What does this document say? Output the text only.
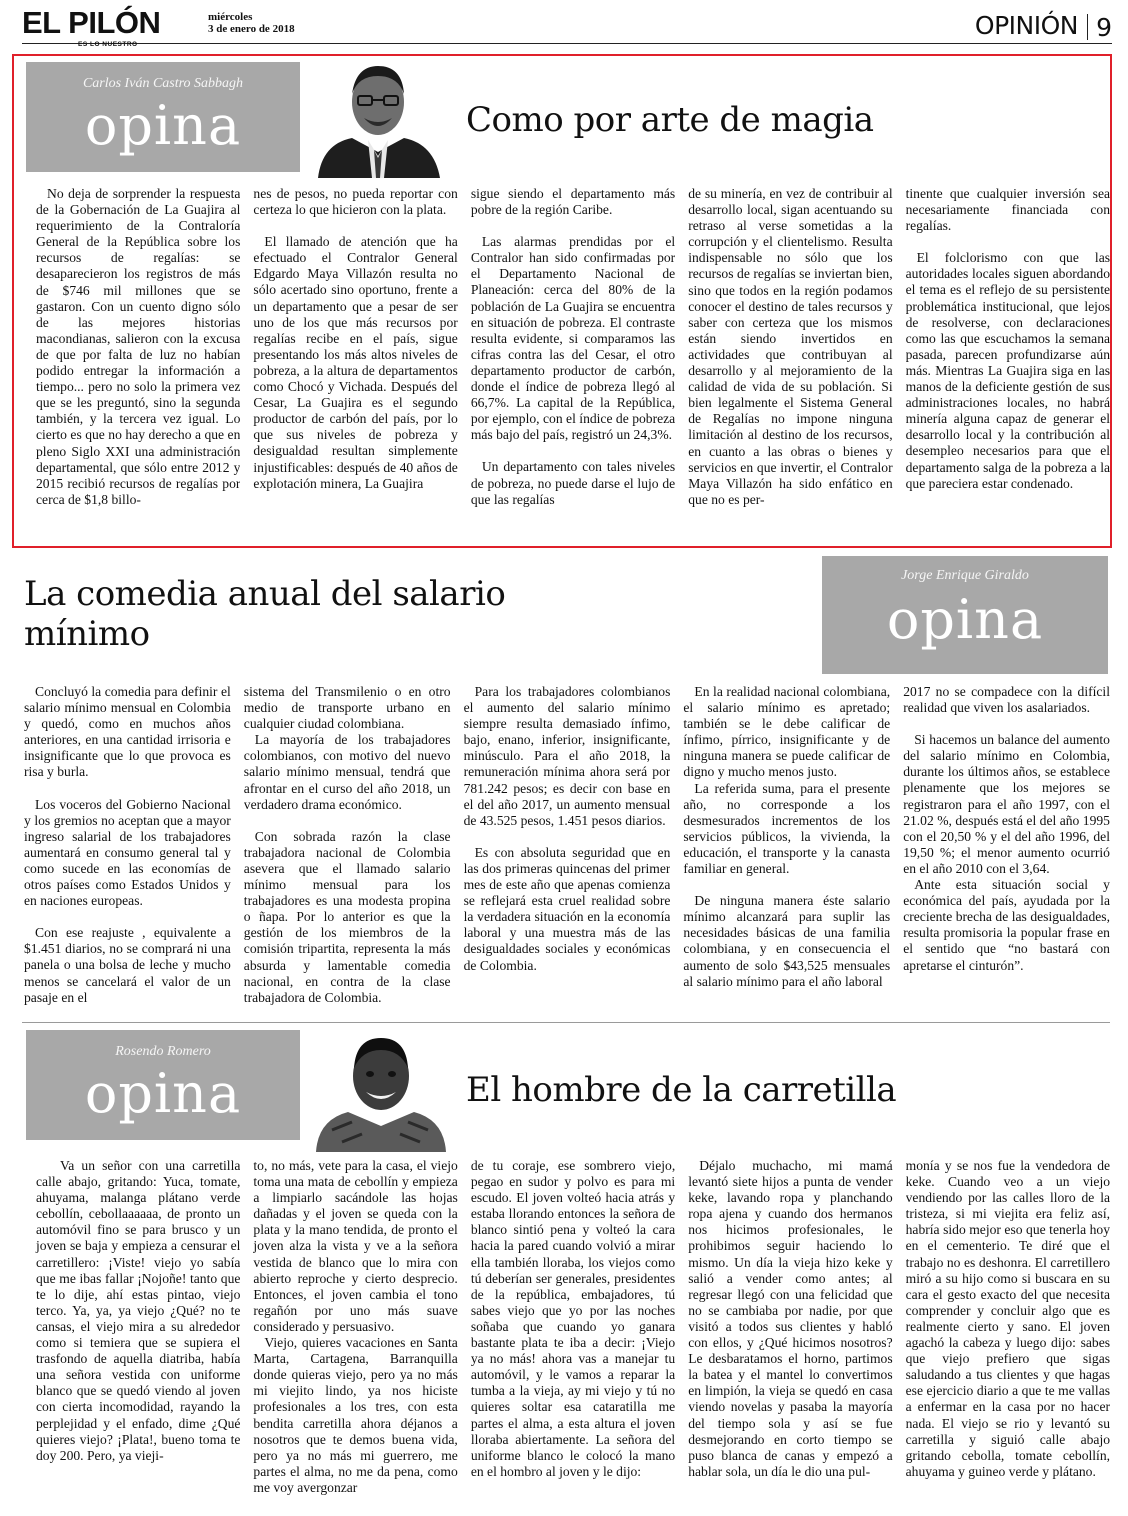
EL PILÓN
ES LO NUESTRO
miércoles
3 de enero de 2018	OPINIÓN 9
Carlos Iván Castro Sabbagh
opina	Como por arte de magia

No deja de sorprender la respuesta de la Gobernación de La Guajira al requerimiento de la Contraloría General de la República sobre los recursos de regalías: se desaparecieron los registros de más de $746 mil millones que se gastaron. Con un cuento digno sólo de las mejores historias macondianas, salieron con la excusa de que por falta de luz no habían podido entregar la información a tiempo... pero no solo la primera vez que se les preguntó, sino la segunda también, y la tercera vez igual. Lo cierto es que no hay derecho a que en pleno Siglo XXI una administración departamental, que sólo entre 2012 y 2015 recibió recursos de regalías por cerca de $1,8 billo-

nes de pesos, no pueda reportar con certeza lo que hicieron con la plata.

El llamado de atención que ha efectuado el Contralor General Edgardo Maya Villazón resulta no sólo acertado sino oportuno, frente a un departamento que a pesar de ser uno de los que más recursos por regalías recibe en el país, sigue presentando los más altos niveles de pobreza, a la altura de departamentos como Chocó y Vichada. Después del Cesar, La Guajira es el segundo productor de carbón del país, por lo que sus niveles de pobreza y desigualdad resultan simplemente injustificables: después de 40 años de explotación minera, La Guajira

sigue siendo el departamento más pobre de la región Caribe.

Las alarmas prendidas por el Contralor han sido confirmadas por el Departamento Nacional de Planeación: cerca del 80% de la población de La Guajira se encuentra en situación de pobreza. El contraste resulta evidente, si comparamos las cifras contra las del Cesar, el otro departamento productor de carbón, donde el índice de pobreza llegó al 66,7%. La capital de la República, por ejemplo, con el índice de pobreza más bajo del país, registró un 24,3%.

Un departamento con tales niveles de pobreza, no puede darse el lujo de que las regalías

de su minería, en vez de contribuir al desarrollo local, sigan acentuando su retraso al verse sometidas a la corrupción y el clientelismo. Resulta indispensable no sólo que los recursos de regalías se inviertan bien, sino que todos en la región podamos conocer el destino de tales recursos y saber con certeza que los mismos están siendo invertidos en actividades que contribuyan al desarrollo y al mejoramiento de la calidad de vida de su población. Si bien legalmente el Sistema General de Regalías no impone ninguna limitación al destino de los recursos, en cuanto a las obras o bienes y servicios en que invertir, el Contralor Maya Villazón ha sido enfático en que no es per-

tinente que cualquier inversión sea necesariamente financiada con regalías.

El folclorismo con que las autoridades locales siguen abordando el tema es el reflejo de su persistente problemática institucional, que lejos de resolverse, con declaraciones como las que escuchamos la semana pasada, parecen profundizarse aún más. Mientras La Guajira siga en las manos de la deficiente gestión de sus administraciones locales, no habrá minería alguna capaz de generar el desarrollo local y la contribución al desempleo necesarios para que el departamento salga de la pobreza a la que pareciera estar condenado.

La comedia anual del salario mínimo
Jorge Enrique Giraldo
opina

Concluyó la comedia para definir el salario mínimo mensual en Colombia y quedó, como en muchos años anteriores, en una cantidad irrisoria e insignificante que lo que provoca es risa y burla.

Los voceros del Gobierno Nacional y los gremios no aceptan que a mayor ingreso salarial de los trabajadores aumentará en consumo general tal y como sucede en las economías de otros países como Estados Unidos y en naciones europeas.

Con ese reajuste , equivalente a $1.451 diarios, no se comprará ni una panela o una bolsa de leche y mucho menos se cancelará el valor de un pasaje en el

sistema del Transmilenio o en otro medio de transporte urbano en cualquier ciudad colombiana.

La mayoría de los trabajadores colombianos, con motivo del nuevo salario mínimo mensual, tendrá que afrontar en el curso del año 2018, un verdadero drama económico.

Con sobrada razón la clase trabajadora nacional de Colombia asevera que el llamado salario mínimo mensual para los trabajadores es una modesta propina o ñapa. Por lo anterior es que la gestión de los miembros de la comisión tripartita, representa la más absurda y lamentable comedia nacional, en contra de la clase trabajadora de Colombia.

Para los trabajadores colombianos el aumento del salario mínimo siempre resulta demasiado ínfimo, bajo, enano, inferior, insignificante, minúsculo. Para el año 2018, la remuneración mínima ahora será por 781.242 pesos; es decir con base en el del año 2017, un aumento mensual de 43.525 pesos, 1.451 pesos diarios.

Es con absoluta seguridad que en las dos primeras quincenas del primer mes de este año que apenas comienza se reflejará esta cruel realidad sobre la verdadera situación en la economía laboral y una muestra más de las desigualdades sociales y económicas de Colombia.

En la realidad nacional colombiana, el salario mínimo es apretado; también se le debe calificar de ínfimo, pírrico, insignificante y de ninguna manera se puede calificar de digno y mucho menos justo.

La referida suma, para el presente año, no corresponde a los desmesurados incrementos de los servicios públicos, la vivienda, la educación, el transporte y la canasta familiar en general.

De ninguna manera éste salario mínimo alcanzará para suplir las necesidades básicas de una familia colombiana, y en consecuencia el aumento de solo $43,525 mensuales al salario mínimo para el año laboral

2017 no se compadece con la difícil realidad que viven los asalariados.

Si hacemos un balance del aumento del salario mínimo en Colombia, durante los últimos años, se establece plenamente que los mejores se registraron para el año 1997, con el 21.02 %, después está el del año 1995 con el 20,50 % y el del año 1996, del 19,50 %; el menor aumento ocurrió en el año 2010 con el 3,64.

Ante esta situación social y económica del país, ayudada por la creciente brecha de las desigualdades, resulta promisoria la popular frase en el sentido que “no bastará con apretarse el cinturón”.

Rosendo Romero
opina	El hombre de la carretilla

Va un señor con una carretilla calle abajo, gritando: Yuca, tomate, ahuyama, malanga plátano verde cebollín, cebollaaaaaa, de pronto un automóvil fino se para brusco y un joven se baja y empieza a censurar el carretillero: ¡Viste! viejo yo sabía que me ibas fallar ¡Nojoñe! tanto que te lo dije, ahí estas pintao, viejo terco. Ya, ya, ya viejo ¿Qué? no te cansas, el viejo mira a su alrededor como si temiera que se supiera el trasfondo de aquella diatriba, había una señora vestida con uniforme blanco que se quedó viendo al joven con cierta incomodidad, rayando la perplejidad y el enfado, dime ¿Qué quieres viejo? ¡Plata!, bueno toma te doy 200. Pero, ya vieji-

to, no más, vete para la casa, el viejo toma una mata de cebollín y empieza a limpiarlo sacándole las hojas dañadas y el joven se queda con la plata y la mano tendida, de pronto el joven alza la vista y ve a la señora vestida de blanco que lo mira con abierto reproche y cierto desprecio. Entonces, el joven cambia el tono regañón por uno más suave considerado y persuasivo.

Viejo, quieres vacaciones en Santa Marta, Cartagena, Barranquilla donde quieras viejo, pero ya no más mi viejito lindo, ya nos hiciste profesionales a los tres, con esta bendita carretilla ahora déjanos a nosotros que te demos buena vida, pero ya no más mi guerrero, me partes el alma, no me da pena, como me voy avergonzar

de tu coraje, ese sombrero viejo, pegao en sudor y polvo es para mi escudo. El joven volteó hacia atrás y estaba llorando entonces la señora de blanco sintió pena y volteó la cara hacia la pared cuando volvió a mirar ella también lloraba, los viejos como tú deberían ser generales, presidentes de la república, embajadores, tú sabes viejo que yo por las noches soñaba que cuando yo ganara bastante plata te iba a decir: ¡Viejo ya no más! ahora vas a manejar tu automóvil, y le vamos a reparar la tumba a la vieja, ay mi viejo y tú no quieres soltar esa cataratilla me partes el alma, a esta altura el joven lloraba abiertamente. La señora del uniforme blanco le colocó la mano en el hombro al joven y le dijo:

Déjalo muchacho, mi mamá levantó siete hijos a punta de vender keke, lavando ropa y planchando ropa ajena y cuando dos hermanos nos hicimos profesionales, le prohibimos seguir haciendo lo mismo. Un día la vieja hizo keke y salió a vender como antes; al regresar llegó con una felicidad que no se cambiaba por nadie, por que visitó a todos sus clientes y habló con ellos, y ¿Qué hicimos nosotros? Le desbaratamos el horno, partimos la batea y el mantel lo convertimos en limpión, la vieja se quedó en casa viendo novelas y pasaba la mayoría del tiempo sola y así se fue desmejorando en corto tiempo se puso blanca de canas y empezó a hablar sola, un día le dio una pul-

monía y se nos fue la vendedora de keke. Cuando veo a un viejo vendiendo por las calles lloro de la tristeza, si mi viejita era feliz así, habría sido mejor eso que tenerla hoy en el cementerio. Te diré que el trabajo no es deshonra. El carretillero miró a su hijo como si buscara en su cara el gesto exacto del que necesita comprender y concluir algo que es realmente cierto y sano. El joven agachó la cabeza y luego dijo: sabes que viejo prefiero que sigas saludando a tus clientes y que hagas ese ejercicio diario a que te me vallas a enfermar en la casa por no hacer nada. El viejo se rio y levantó su carretilla y siguió calle abajo gritando cebolla, tomate cebollín, ahuyama y guineo verde y plátano.
